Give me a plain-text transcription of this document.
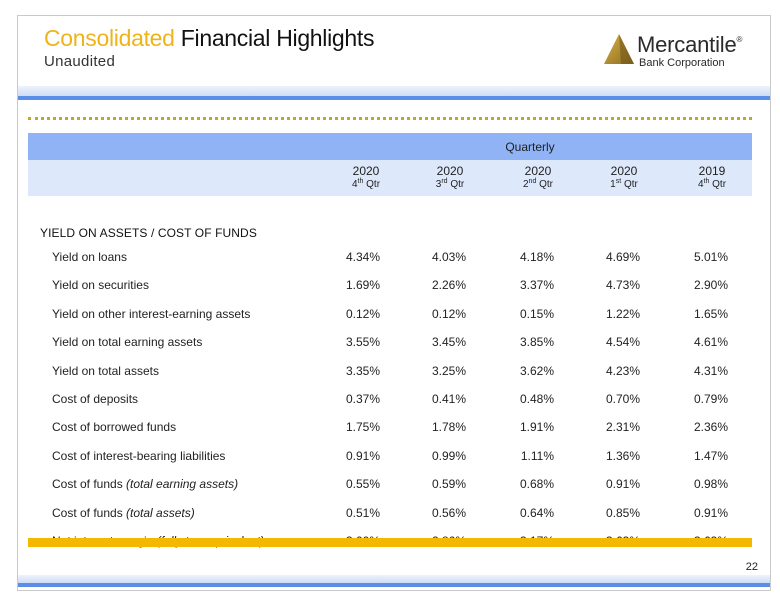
Consolidated Financial Highlights
Unaudited
Mercantile®
Bank Corporation
Quarterly
2020
4th Qtr
2020
3rd Qtr
2020
2nd Qtr
2020
1st Qtr
2019
4th Qtr
YIELD ON ASSETS / COST OF FUNDS
Yield on loans	4.34%	4.03%	4.18%	4.69%	5.01%
Yield on securities	1.69%	2.26%	3.37%	4.73%	2.90%
Yield on other interest-earning assets	0.12%	0.12%	0.15%	1.22%	1.65%
Yield on total earning assets	3.55%	3.45%	3.85%	4.54%	4.61%
Yield on total assets	3.35%	3.25%	3.62%	4.23%	4.31%
Cost of deposits	0.37%	0.41%	0.48%	0.70%	0.79%
Cost of borrowed funds	1.75%	1.78%	1.91%	2.31%	2.36%
Cost of interest-bearing liabilities	0.91%	0.99%	1.11%	1.36%	1.47%
Cost of funds (total earning assets)	0.55%	0.59%	0.68%	0.91%	0.98%
Cost of funds (total assets)	0.51%	0.56%	0.64%	0.85%	0.91%
22
